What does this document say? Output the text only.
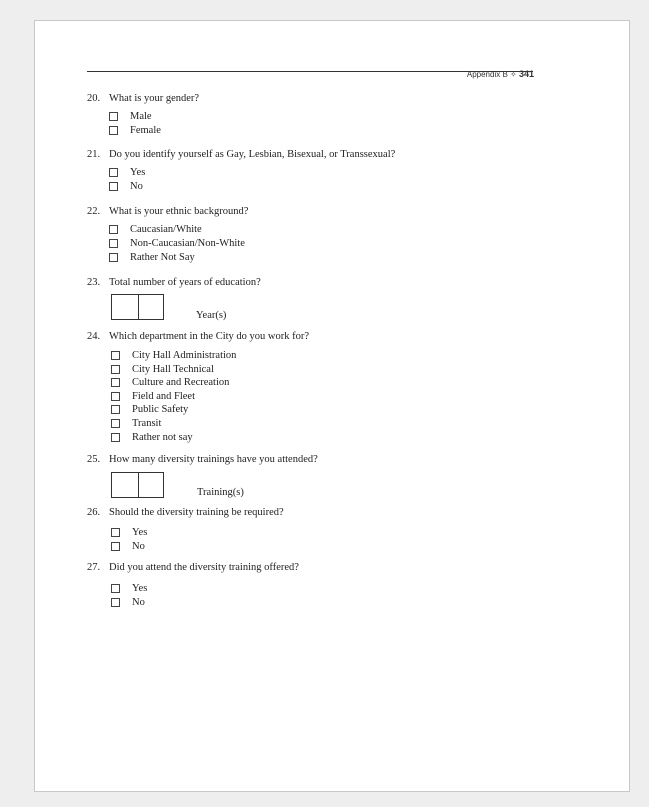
Appendix B ✧ 341
20. What is your gender?
Male
Female
21. Do you identify yourself as Gay, Lesbian, Bisexual, or Transsexual?
Yes
No
22. What is your ethnic background?
Caucasian/White
Non-Caucasian/Non-White
Rather Not Say
23. Total number of years of education?
Year(s)
24. Which department in the City do you work for?
City Hall Administration
City Hall Technical
Culture and Recreation
Field and Fleet
Public Safety
Transit
Rather not say
25. How many diversity trainings have you attended?
Training(s)
26. Should the diversity training be required?
Yes
No
27. Did you attend the diversity training offered?
Yes
No
